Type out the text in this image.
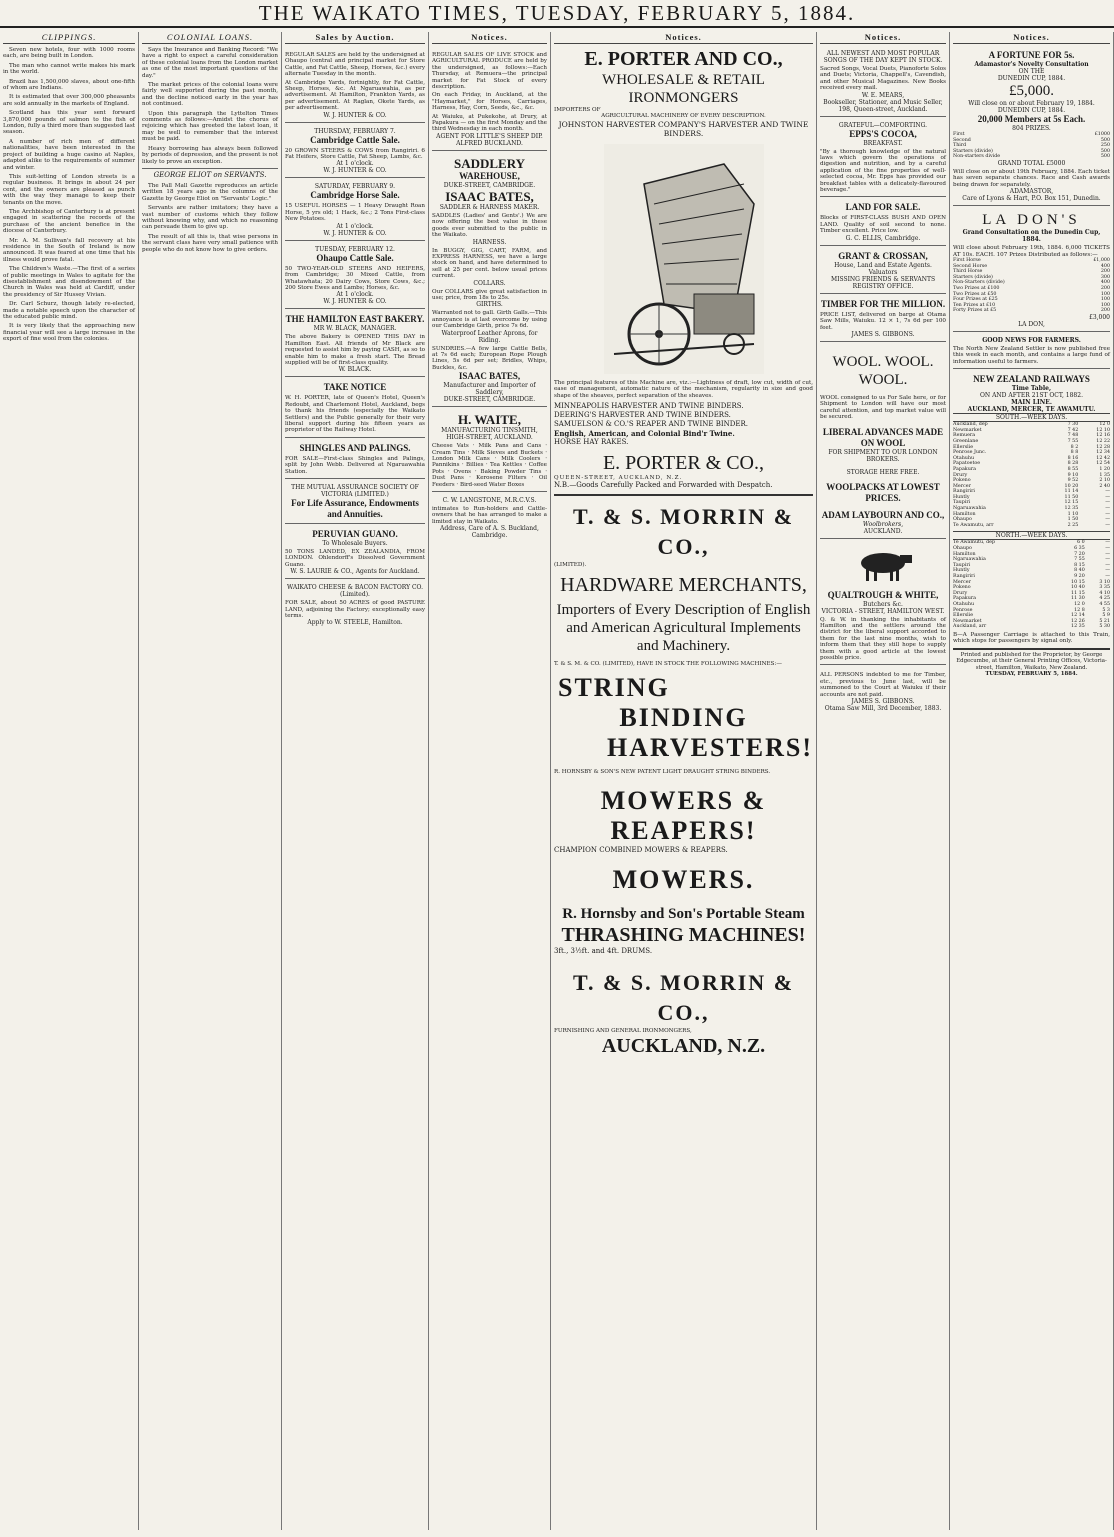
THE WAIKATO TIMES, TUESDAY, FEBRUARY 5, 1884.
CLIPPINGS.

Seven new hotels, four with 1000 rooms each, are being built in London.

The man who cannot write makes his mark in the world.

Brazil has 1,500,000 slaves, about one-fifth of whom are Indians.

It is estimated that over 300,000 pheasants are sold annually in the markets of England.

Scotland has this year sent forward 3,870,000 pounds of salmon to the fish of London, fully a third more than suggested last season.

A number of rich men of different nationalities, have been interested in the project of building a huge casino at Naples, adapted alike to the requirements of summer and winter.

This suit-letting of London streets is a regular business. It brings in about 24 per cent, and the owners are pleased as punch with the way they manage to keep their tenants on the move.

The Archbishop of Canterbury is at present engaged in scattering the records of the purchase of the ancient benefice in the diocese of Canterbury.

Mr. A. M. Sullivan's fall recovery at his residence in the South of Ireland is now announced. It was feared at one time that his illness would prove fatal.

The Children's Waste.—The first of a series of public meetings in Wales to agitate for the disestablishment and disendowment of the Church in Wales was held at Cardiff, under the presidency of Sir Hussey Vivian.

Dr. Carl Schurz, though lately re-elected, made a notable speech upon the character of the educated public mind.

It is very likely that the approaching new financial year will see a large increase in the export of fine wool from the colonies.

COLONIAL LOANS.

Says the Insurance and Banking Record: "We have a right to expect a careful consideration of these colonial loans from the London market as one of the most important questions of the day."

The market prices of the colonial loans were fairly well supported during the past month, and the decline noticed early in the year has not continued.

Upon this paragraph the Lyttelton Times comments as follows:—Amidst the chorus of rejoicing which has greeted the latest loan, it may be well to remember that the interest must be paid.

Heavy borrowing has always been followed by periods of depression, and the present is not likely to prove an exception.

GEORGE ELIOT on SERVANTS.

The Pall Mall Gazette reproduces an article written 18 years ago in the columns of the Gazette by George Eliot on "Servants' Logic."

Servants are rather imitators; they have a vast number of customs which they follow without knowing why, and which no reasoning can persuade them to give up.

The result of all this is, that wise persons in the servant class have very small patience with people who do not know how to give orders.

Sales by Auction.
REGULAR SALES are held by the undersigned at Ohaupo (central and principal market for Store Cattle, and Fat Cattle, Sheep, Horses, &c.) every alternate Tuesday in the month.
At Cambridge Yards, fortnightly, for Fat Cattle, Sheep, Horses, &c. At Ngaruawahia, as per advertisement. At Hamilton, Frankton Yards, as per advertisement. At Raglan, Okete Yards, as per advertisement.
W. J. HUNTER & CO.
THURSDAY, FEBRUARY 7.
Cambridge Cattle Sale.
20 GROWN STEERS & COWS from Rangiriri. 6 Fat Heifers, Store Cattle, Fat Sheep, Lambs, &c.
At 1 o'clock.
W. J. HUNTER & CO.
SATURDAY, FEBRUARY 9.
Cambridge Horse Sale.
15 USEFUL HORSES — 1 Heavy Draught Roan Horse, 5 yrs old; 1 Hack, &c.; 2 Tons First-class New Potatoes.
At 1 o'clock.
W. J. HUNTER & CO.
TUESDAY, FEBRUARY 12.
Ohaupo Cattle Sale.
50 TWO-YEAR-OLD STEERS AND HEIFERS, from Cambridge; 30 Mixed Cattle, from Whatawhata; 20 Dairy Cows, Store Cows, &c.; 200 Store Ewes and Lambs; Horses, &c.
At 1 o'clock.
W. J. HUNTER & CO.
THE HAMILTON EAST BAKERY.
MR W. BLACK, MANAGER.
The above Bakery is OPENED THIS DAY in Hamilton East. All friends of Mr Black are requested to assist him by paying CASH, as so to enable him to make a fresh start. The Bread supplied will be of first-class quality.
W. BLACK.
TAKE NOTICE
W. H. PORTER, late of Queen's Hotel, Queen's Redoubt, and Charlemont Hotel, Auckland, begs to thank his friends (especially the Waikato Settlers) and the Public generally for their very liberal support during his fifteen years as proprietor of the Railway Hotel.
SHINGLES AND PALINGS.
FOR SALE—First-class Shingles and Palings, split by John Webb. Delivered at Ngaruawahia Station.
THE MUTUAL ASSURANCE SOCIETY OF VICTORIA (LIMITED.)
For Life Assurance, Endowments and Annuities.
PERUVIAN GUANO.
To Wholesale Buyers.
50 TONS LANDED, EX ZEALANDIA, FROM LONDON. Ohlendorff's Dissolved Government Guano.
W. S. LAURIE & CO., Agents for Auckland.
WAIKATO CHEESE & BACON FACTORY CO. (Limited).
FOR SALE, about 50 ACRES of good PASTURE LAND, adjoining the Factory; exceptionally easy terms.
Apply to W. STEELE, Hamilton.
Notices.
REGULAR SALES OF LIVE STOCK and AGRICULTURAL PRODUCE are held by the undersigned, as follows:—Each Thursday, at Remuera—the principal market for Fat Stock of every description.
On each Friday, in Auckland, at the "Haymarket," for Horses, Carriages, Harness, Hay, Corn, Seeds, &c., &c.
At Waiuku, at Pukekohe, at Drury, at Papakura — on the first Monday and the third Wednesday in each month.
AGENT FOR LITTLE'S SHEEP DIP.
ALFRED BUCKLAND.
SADDLERY
WAREHOUSE,
DUKE-STREET, CAMBRIDGE.
ISAAC BATES,
SADDLER & HARNESS MAKER.
SADDLES (Ladies' and Gents'.) We are now offering the best value in these goods ever submitted to the public in the Waikato.
HARNESS.
In BUGGY, GIG, CART, FARM, and EXPRESS HARNESS, we have a large stock on hand, and have determined to sell at 25 per cent. below usual prices current.
COLLARS.
Our COLLARS give great satisfaction in use; price, from 18s to 25s.
GIRTHS.
Warranted not to gall. Girth Galls.—This annoyance is at last overcome by using our Cambridge Girth, price 7s 6d.
Waterproof Leather Aprons, for Riding.
SUNDRIES.—A few large Cattle Bells, at 7s 6d each; European Rope Plough Lines, 5s 6d per set; Bridles, Whips, Buckles, &c.
ISAAC BATES,
Manufacturer and Importer of Saddlery,
DUKE-STREET, CAMBRIDGE.
H. WAITE,
MANUFACTURING TINSMITH,
HIGH-STREET, AUCKLAND.
Cheese Vats · Milk Pans and Cans · Cream Tins · Milk Sieves and Buckets · London Milk Cans · Milk Coolers · Pannikins · Billies · Tea Kettles · Coffee Pots · Ovens · Baking Powder Tins · Dust Pans · Kerosene Filters · Oil Feeders · Bird-seed Water Boxes
C. W. LANGSTONE, M.R.C.V.S.
intimates to Run-holders and Cattle-owners that he has arranged to make a limited stay in Waikato.
Address, Care of A. S. Buckland, Cambridge.
Notices.
E. PORTER AND CO.,
WHOLESALE & RETAIL IRONMONGERS
IMPORTERS OF
AGRICULTURAL MACHINERY OF EVERY DESCRIPTION.
JOHNSTON HARVESTER COMPANY'S HARVESTER AND TWINE BINDERS.
The principal features of this Machine are, viz.:—Lightness of draft, low cut, width of cut, ease of management, automatic nature of the mechanism, regularity in size and good shape of the sheaves, perfect separation of the sheaves.
MINNEAPOLIS HARVESTER AND TWINE BINDERS.
DEERING'S HARVESTER AND TWINE BINDERS.
SAMUELSON & CO.'S REAPER AND TWINE BINDER.
English, American, and Colonial Bind'r Twine.
HORSE HAY RAKES.
E. PORTER & CO.,
QUEEN-STREET, AUCKLAND, N.Z.
N.B.—Goods Carefully Packed and Forwarded with Despatch.
T. & S. MORRIN & CO.,
(LIMITED).
HARDWARE MERCHANTS,
Importers of Every Description of English and American Agricultural Implements and Machinery.
T. & S. M. & CO. (LIMITED), HAVE IN STOCK THE FOLLOWING MACHINES:—
STRING
BINDING
HARVESTERS!
R. HORNSBY & SON'S NEW PATENT LIGHT DRAUGHT STRING BINDERS.
MOWERS & REAPERS!
CHAMPION COMBINED MOWERS & REAPERS.
MOWERS.
R. Hornsby and Son's Portable Steam
THRASHING MACHINES!
3ft., 3½ft. and 4ft. DRUMS.
T. & S. MORRIN & CO.,
FURNISHING AND GENERAL IRONMONGERS,
AUCKLAND, N.Z.
Notices.
ALL NEWEST AND MOST POPULAR SONGS OF THE DAY KEPT IN STOCK.
Sacred Songs, Vocal Duets, Pianoforte Solos and Duets; Victoria, Chappell's, Cavendish, and other Musical Magazines. New Books received every mail.
W. E. MEARS,
Bookseller, Stationer, and Music Seller, 198, Queen-street, Auckland.
GRATEFUL—COMFORTING.
EPPS'S COCOA,
BREAKFAST.
"By a thorough knowledge of the natural laws which govern the operations of digestion and nutrition, and by a careful application of the fine properties of well-selected cocoa, Mr. Epps has provided our breakfast tables with a delicately-flavoured beverage."
LAND FOR SALE.
Blocks of FIRST-CLASS BUSH AND OPEN LAND. Quality of soil second to none. Timber excellent. Price low.
G. C. ELLIS, Cambridge.
GRANT & CROSSAN,
House, Land and Estate Agents. Valuators
MISSING FRIENDS & SERVANTS REGISTRY OFFICE.
TIMBER FOR THE MILLION.
PRICE LIST, delivered on barge at Otama Saw Mills, Waiuku. 12 × 1, 7s 6d per 100 feet.
JAMES S. GIBBONS.
WOOL. WOOL. WOOL.
WOOL consigned to us For Sale here, or for Shipment to London will have our most careful attention, and top market value will be secured.
LIBERAL ADVANCES MADE ON WOOL
FOR SHIPMENT TO OUR LONDON BROKERS.
STORAGE HERE FREE.
WOOLPACKS AT LOWEST PRICES.
ADAM LAYBOURN AND CO.,
Woolbrokers,
AUCKLAND.
QUALTROUGH & WHITE,
Butchers &c.
VICTORIA - STREET, HAMILTON WEST.
Q. & W. in thanking the inhabitants of Hamilton and the settlers around the district for the liberal support accorded to them for the last nine months, wish to inform them that they still hope to supply them with a good article at the lowest possible price.
ALL PERSONS indebted to me for Timber, etc., previous to June last, will be summoned to the Court at Waiuku if their accounts are not paid.
JAMES S. GIBBONS.
Otama Saw Mill, 3rd December, 1883.
Notices.
A FORTUNE FOR 5s.
Adamastor's Novelty Consultation
ON THE
DUNEDIN CUP, 1884.
£5,000.
Will close on or about February 19, 1884.
DUNEDIN CUP, 1884.
20,000 Members at 5s Each.
804 PRIZES.
First	£1000
Second	500
Third	250
Starters (divide)	500
Non-starters divide	500
GRAND TOTAL £5000
Will close on or about 19th February, 1884. Each ticket has seven separate chances. Race and Cash awards being drawn for separately.
ADAMASTOR,
Care of Lyons & Hart, P.O. Box 151, Dunedin.
LA DON'S
Grand Consultation on the Dunedin Cup, 1884.
Will close about February 19th, 1884. 6,000 TICKETS AT 10s. EACH. 107 Prizes Distributed as follows:—
First Horse	£1,000
Second Horse	400
Third Horse	200
Starters (divide)	300
Non-Starters (divide)	400
Two Prizes at £100	200
Two Prizes at £50	100
Four Prizes at £25	100
Ten Prizes at £10	100
Forty Prizes at £5	200
£3,000
LA DON,
GOOD NEWS FOR FARMERS.
The North New Zealand Settler is now published free this week in each month, and contains a large fund of information useful to farmers.
NEW ZEALAND RAILWAYS
Time Table,
ON AND AFTER 21ST OCT, 1882.
MAIN LINE.
AUCKLAND, MERCER, TE AWAMUTU.
SOUTH.—WEEK DAYS.
Auckland, dep	7 30	12 0
Newmarket	7 42	12 10
Remuera	7 48	12 16
Greenlane	7 55	12 22
Ellerslie	8 2	12 28
Penrose Junc.	8 8	12 34
Otahuhu	8 16	12 42
Papatoetoe	8 28	12 54
Papakura	8 55	1 20
Drury	9 10	1 35
Pokeno	9 52	2 10
Mercer	10 20	2 40
Rangiriri	11 14	—
Huntly	11 50	—
Taupiri	12 15	—
Ngaruawahia	12 35	—
Hamilton	1 10	—
Ohaupo	1 50	—
Te Awamutu, arr	2 25	—
NORTH.—WEEK DAYS.
Te Awamutu, dep	6 0	—
Ohaupo	6 35	—
Hamilton	7 20	—
Ngaruawahia	7 55	—
Taupiri	8 15	—
Huntly	8 40	—
Rangiriri	9 20	—
Mercer	10 15	3 10
Pokeno	10 40	3 35
Drury	11 15	4 10
Papakura	11 30	4 25
Otahuhu	12 0	4 55
Penrose	12 8	5 3
Ellerslie	12 14	5 9
Newmarket	12 26	5 21
Auckland, arr	12 35	5 30
B—A Passenger Carriage is attached to this Train, which stops for passengers by signal only.
Printed and published for the Proprietor, by George Edgecumbe, at their General Printing Offices, Victoria-street, Hamilton, Waikato, New Zealand.
TUESDAY, FEBRUARY 5, 1884.
